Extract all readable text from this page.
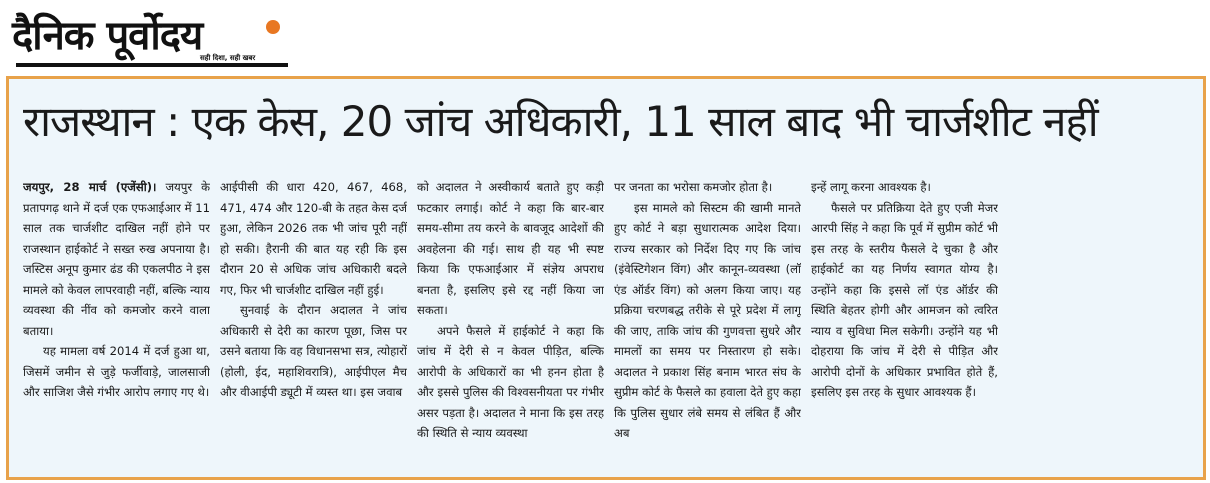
दैनिक पूर्वोदय
सही दिशा, सही खबर
राजस्थान : एक केस, 20 जांच अधिकारी, 11 साल बाद भी चार्जशीट नहीं

जयपुर, 28 मार्च (एजेंसी)। जयपुर के प्रतापगढ़ थाने में दर्ज एक एफआईआर में 11 साल तक चार्जशीट दाखिल नहीं होने पर राजस्थान हाईकोर्ट ने सख्त रुख अपनाया है। जस्टिस अनूप कुमार ढंड की एकलपीठ ने इस मामले को केवल लापरवाही नहीं, बल्कि न्याय व्यवस्था की नींव को कमजोर करने वाला बताया।

यह मामला वर्ष 2014 में दर्ज हुआ था, जिसमें जमीन से जुड़े फर्जीवाड़े, जालसाजी और साजिश जैसे गंभीर आरोप लगाए गए थे।

आईपीसी की धारा 420, 467, 468, 471, 474 और 120-बी के तहत केस दर्ज हुआ, लेकिन 2026 तक भी जांच पूरी नहीं हो सकी। हैरानी की बात यह रही कि इस दौरान 20 से अधिक जांच अधिकारी बदले गए, फिर भी चार्जशीट दाखिल नहीं हुई।

सुनवाई के दौरान अदालत ने जांच अधिकारी से देरी का कारण पूछा, जिस पर उसने बताया कि वह विधानसभा सत्र, त्योहारों (होली, ईद, महाशिवरात्रि), आईपीएल मैच और वीआईपी ड्यूटी में व्यस्त था। इस जवाब

को अदालत ने अस्वीकार्य बताते हुए कड़ी फटकार लगाई। कोर्ट ने कहा कि बार-बार समय-सीमा तय करने के बावजूद आदेशों की अवहेलना की गई। साथ ही यह भी स्पष्ट किया कि एफआईआर में संज्ञेय अपराध बनता है, इसलिए इसे रद्द नहीं किया जा सकता।

अपने फैसले में हाईकोर्ट ने कहा कि जांच में देरी से न केवल पीड़ित, बल्कि आरोपी के अधिकारों का भी हनन होता है और इससे पुलिस की विश्वसनीयता पर गंभीर असर पड़ता है। अदालत ने माना कि इस तरह की स्थिति से न्याय व्यवस्था

पर जनता का भरोसा कमजोर होता है।

इस मामले को सिस्टम की खामी मानते हुए कोर्ट ने बड़ा सुधारात्मक आदेश दिया। राज्य सरकार को निर्देश दिए गए कि जांच (इंवेस्टिगेशन विंग) और कानून-व्यवस्था (लॉ एंड ऑर्डर विंग) को अलग किया जाए। यह प्रक्रिया चरणबद्ध तरीके से पूरे प्रदेश में लागू की जाए, ताकि जांच की गुणवत्ता सुधरे और मामलों का समय पर निस्तारण हो सके। अदालत ने प्रकाश सिंह बनाम भारत संघ के सुप्रीम कोर्ट के फैसले का हवाला देते हुए कहा कि पुलिस सुधार लंबे समय से लंबित हैं और अब

इन्हें लागू करना आवश्यक है।

फैसले पर प्रतिक्रिया देते हुए एजी मेजर आरपी सिंह ने कहा कि पूर्व में सुप्रीम कोर्ट भी इस तरह के स्तरीय फैसले दे चुका है और हाईकोर्ट का यह निर्णय स्वागत योग्य है। उन्होंने कहा कि इससे लॉ एंड ऑर्डर की स्थिति बेहतर होगी और आमजन को त्वरित न्याय व सुविधा मिल सकेगी। उन्होंने यह भी दोहराया कि जांच में देरी से पीड़ित और आरोपी दोनों के अधिकार प्रभावित होते हैं, इसलिए इस तरह के सुधार आवश्यक हैं।
